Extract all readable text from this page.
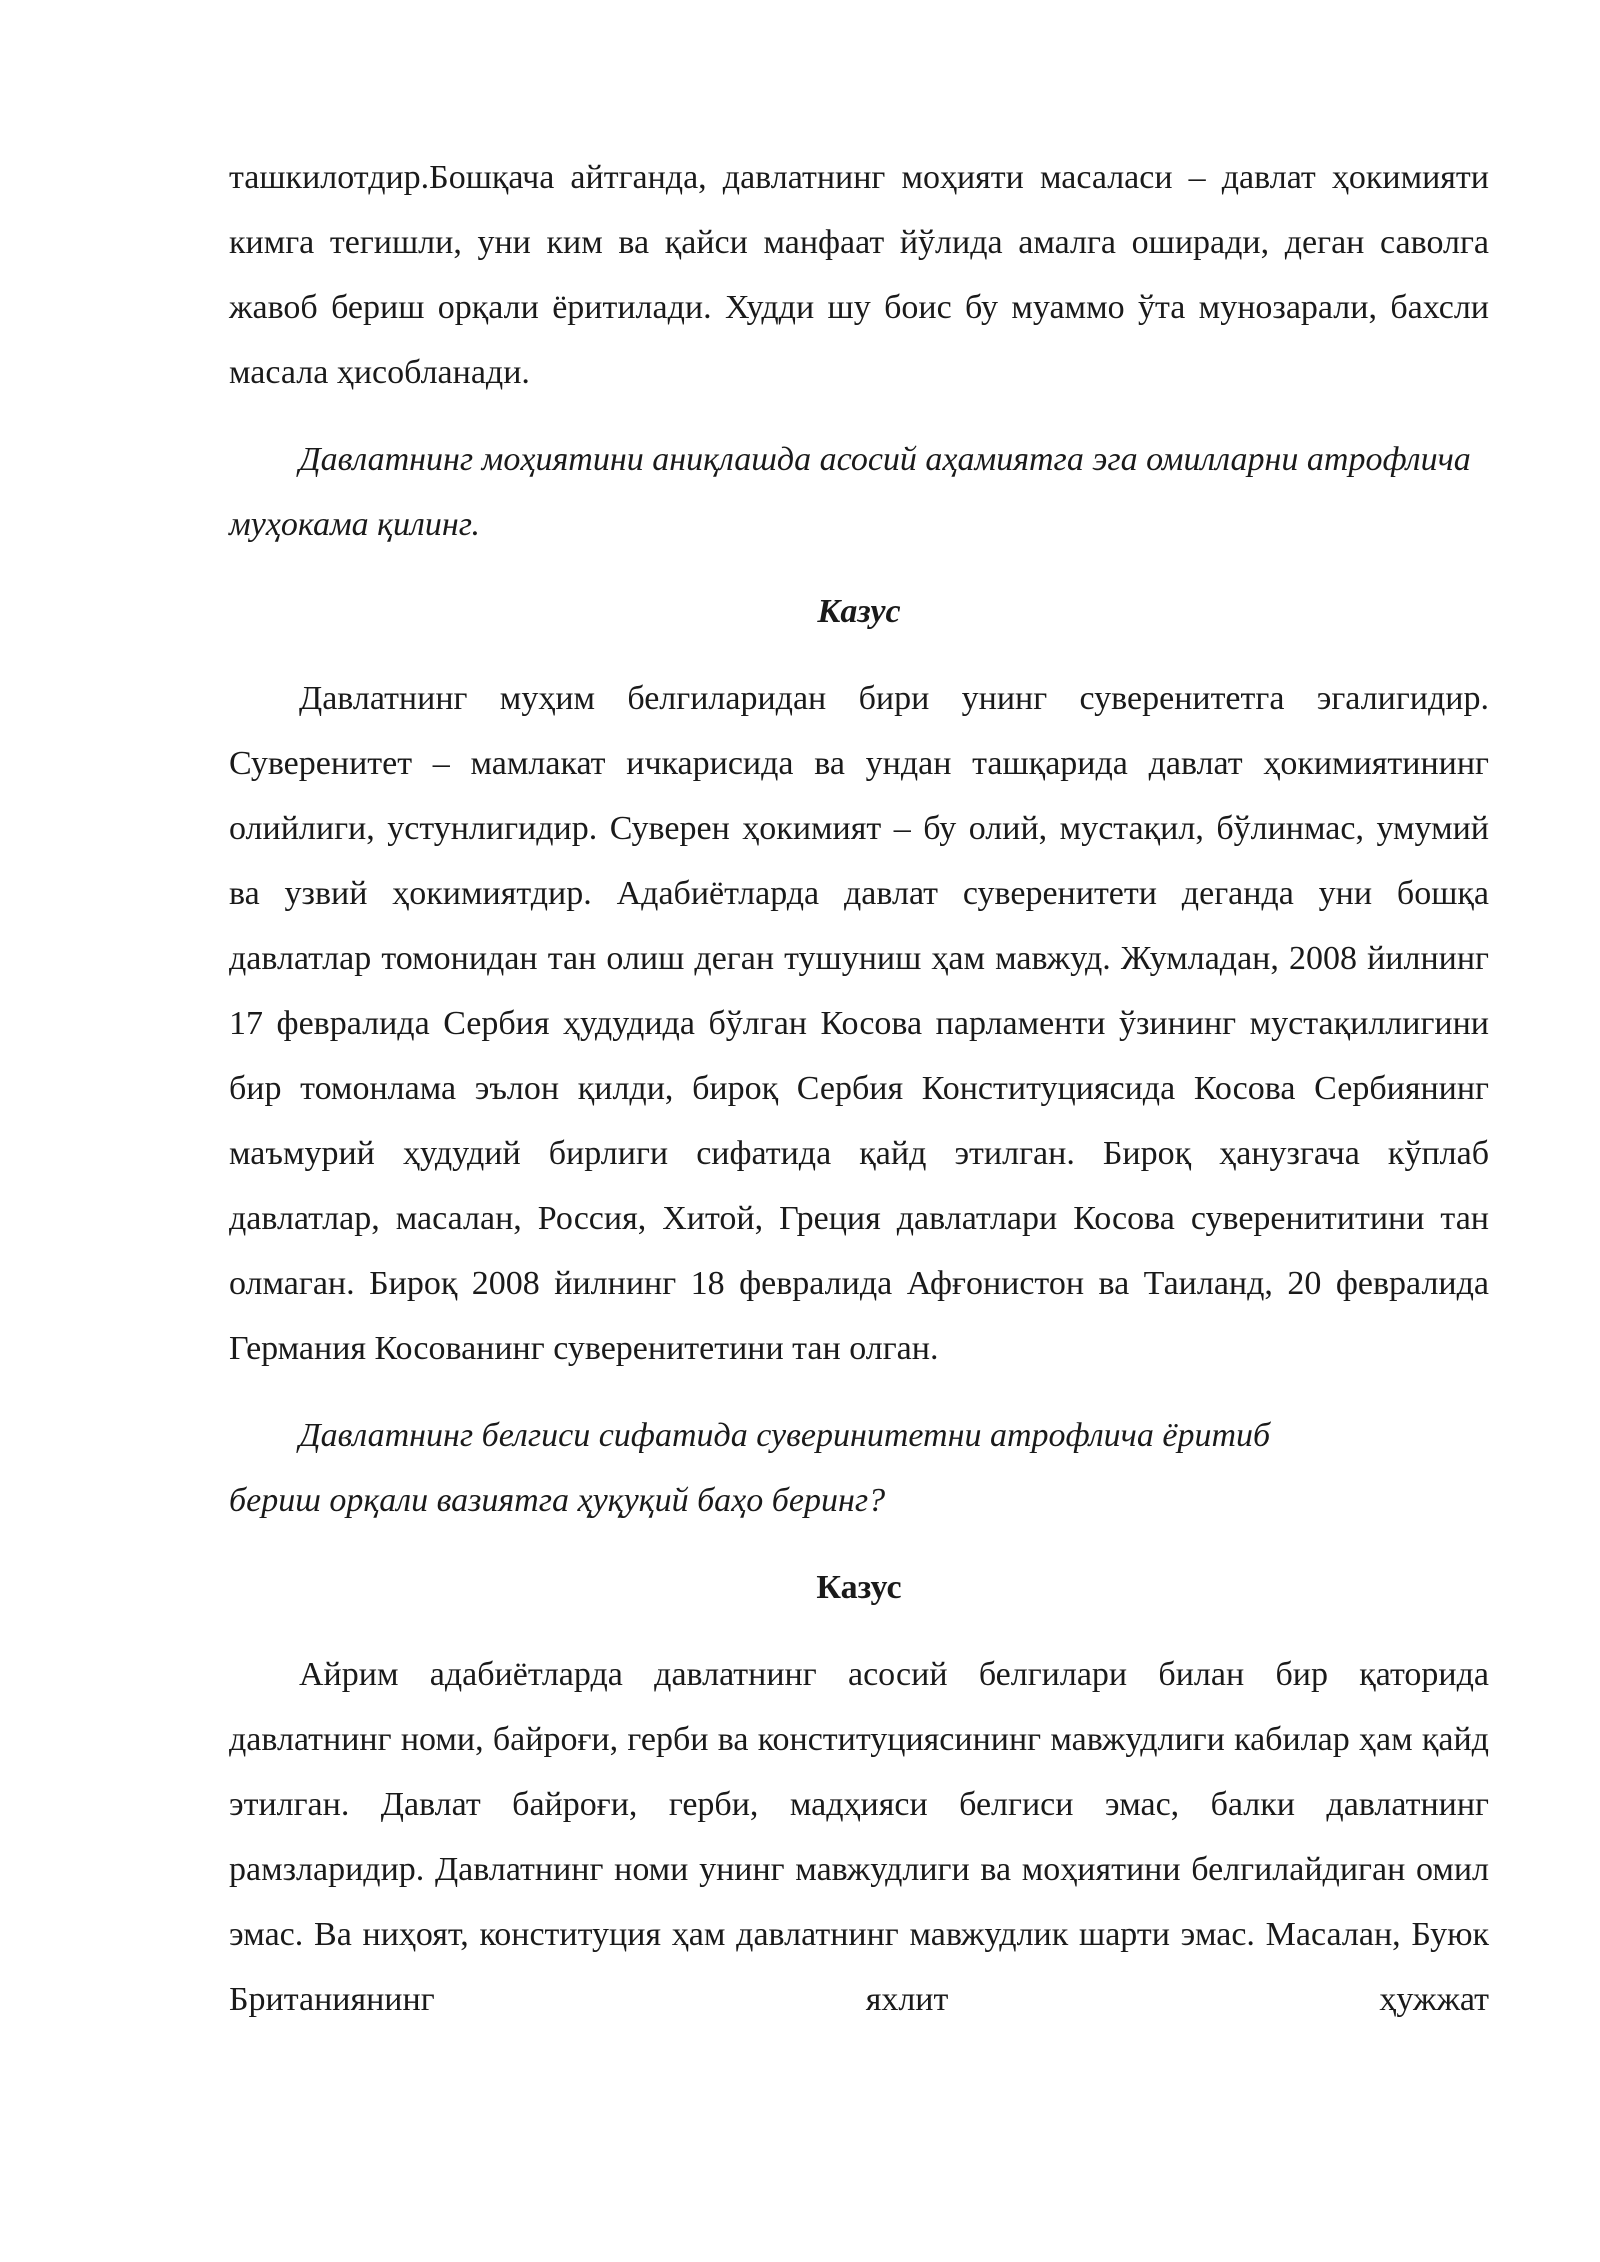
ташкилотдир.Бошқача айтганда, давлатнинг моҳияти масаласи – давлат ҳокимияти кимга тегишли, уни ким ва қайси манфаат йўлида амалга оширади, деган саволга жавоб бериш орқали ёритилади. Худди шу боис бу муаммо ўта мунозарали, бахсли масала ҳисобланади.

Давлатнинг моҳиятини аниқлашда асосий аҳамиятга эга омилларни атрофлича муҳокама қилинг.

Казус

Давлатнинг муҳим белгиларидан бири унинг суверенитетга эгалигидир. Суверенитет – мамлакат ичкарисида ва ундан ташқарида давлат ҳокимиятининг олийлиги, устунлигидир. Суверен ҳокимият – бу олий, мустақил, бўлинмас, умумий ва узвий ҳокимиятдир. Адабиётларда давлат суверенитети деганда уни бошқа давлатлар томонидан тан олиш деган тушуниш ҳам мавжуд. Жумладан, 2008 йилнинг 17 февралида Сербия ҳудудида бўлган Косова парламенти ўзининг мустақиллигини бир томонлама эълон қилди, бироқ Сербия Конституциясида Косова Сербиянинг маъмурий ҳудудий бирлиги сифатида қайд этилган. Бироқ ҳанузгача кўплаб давлатлар, масалан, Россия, Хитой, Греция давлатлари Косова суверенититини тан олмаган. Бироқ 2008 йилнинг 18 февралида Афғонистон ва Таиланд, 20 февралида Германия Косованинг суверенитетини тан олган.

Давлатнинг белгиси сифатида суверинитетни атрофлича ёритиб

бериш орқали вазиятга ҳуқуқий баҳо беринг?

Казус

Айрим адабиётларда давлатнинг асосий белгилари билан бир қаторида давлатнинг номи, байроғи, герби ва конституциясининг мавжудлиги кабилар ҳам қайд этилган. Давлат байроғи, герби, мадҳияси белгиси эмас, балки давлатнинг рамзларидир. Давлатнинг номи унинг мавжудлиги ва моҳиятини белгилайдиган омил эмас. Ва ниҳоят, конституция ҳам давлатнинг мавжудлик шарти эмас. Масалан, Буюк Британиянинг яхлит ҳужжат
